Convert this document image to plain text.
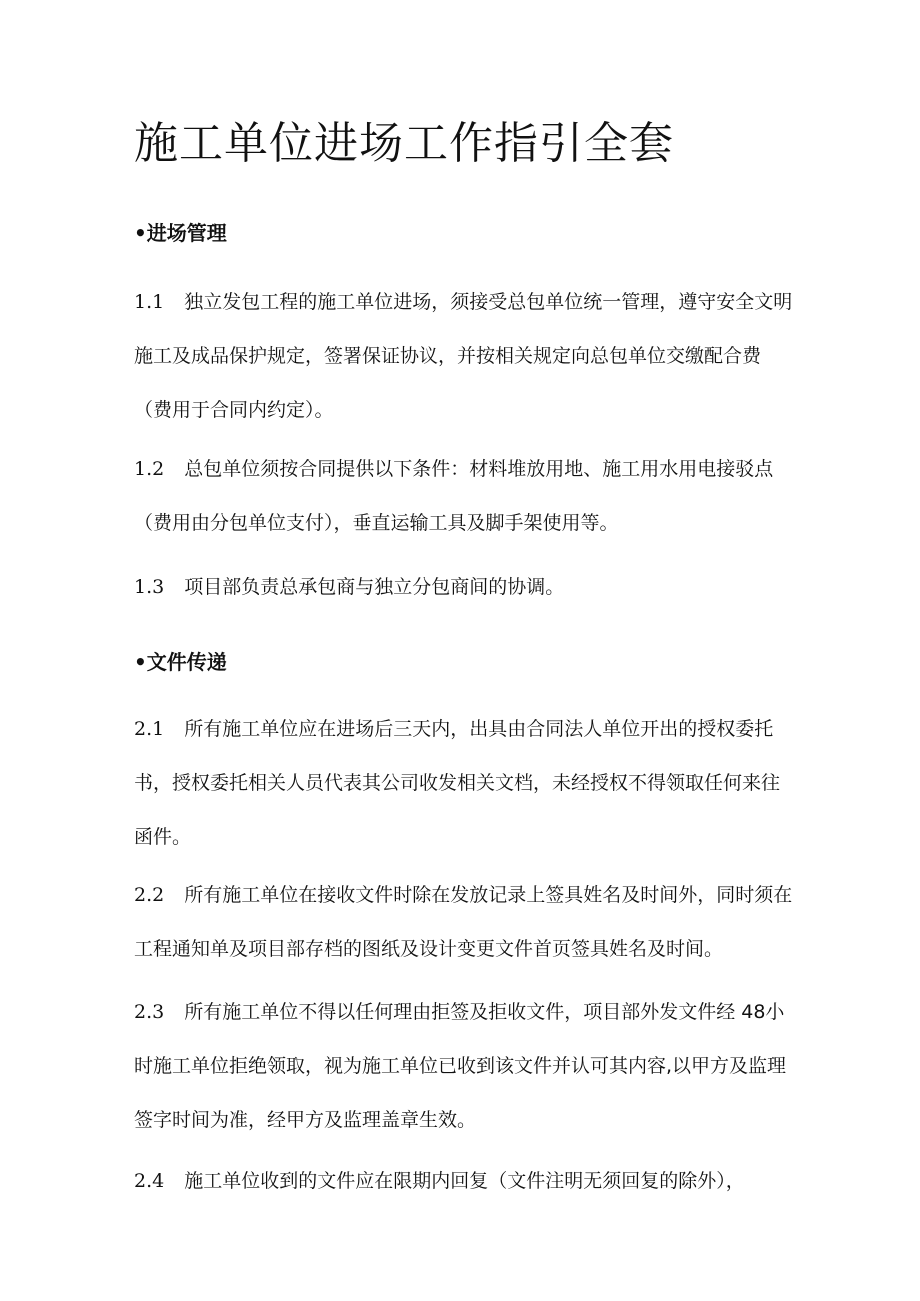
施工单位进场工作指引全套
•进场管理

1.1 独立发包工程的施工单位进场，须接受总包单位统一管理，遵守安全文明施工及成品保护规定，签署保证协议，并按相关规定向总包单位交缴配合费（费用于合同内约定）。

1.2 总包单位须按合同提供以下条件：材料堆放用地、施工用水用电接驳点（费用由分包单位支付），垂直运输工具及脚手架使用等。

1.3 项目部负责总承包商与独立分包商间的协调。

•文件传递

2.1 所有施工单位应在进场后三天内，出具由合同法人单位开出的授权委托书，授权委托相关人员代表其公司收发相关文档，未经授权不得领取任何来往函件。

2.2 所有施工单位在接收文件时除在发放记录上签具姓名及时间外，同时须在工程通知单及项目部存档的图纸及设计变更文件首页签具姓名及时间。

2.3 所有施工单位不得以任何理由拒签及拒收文件，项目部外发文件经 48小时施工单位拒绝领取，视为施工单位已收到该文件并认可其内容,以甲方及监理签字时间为准，经甲方及监理盖章生效。

2.4 施工单位收到的文件应在限期内回复（文件注明无须回复的除外），
